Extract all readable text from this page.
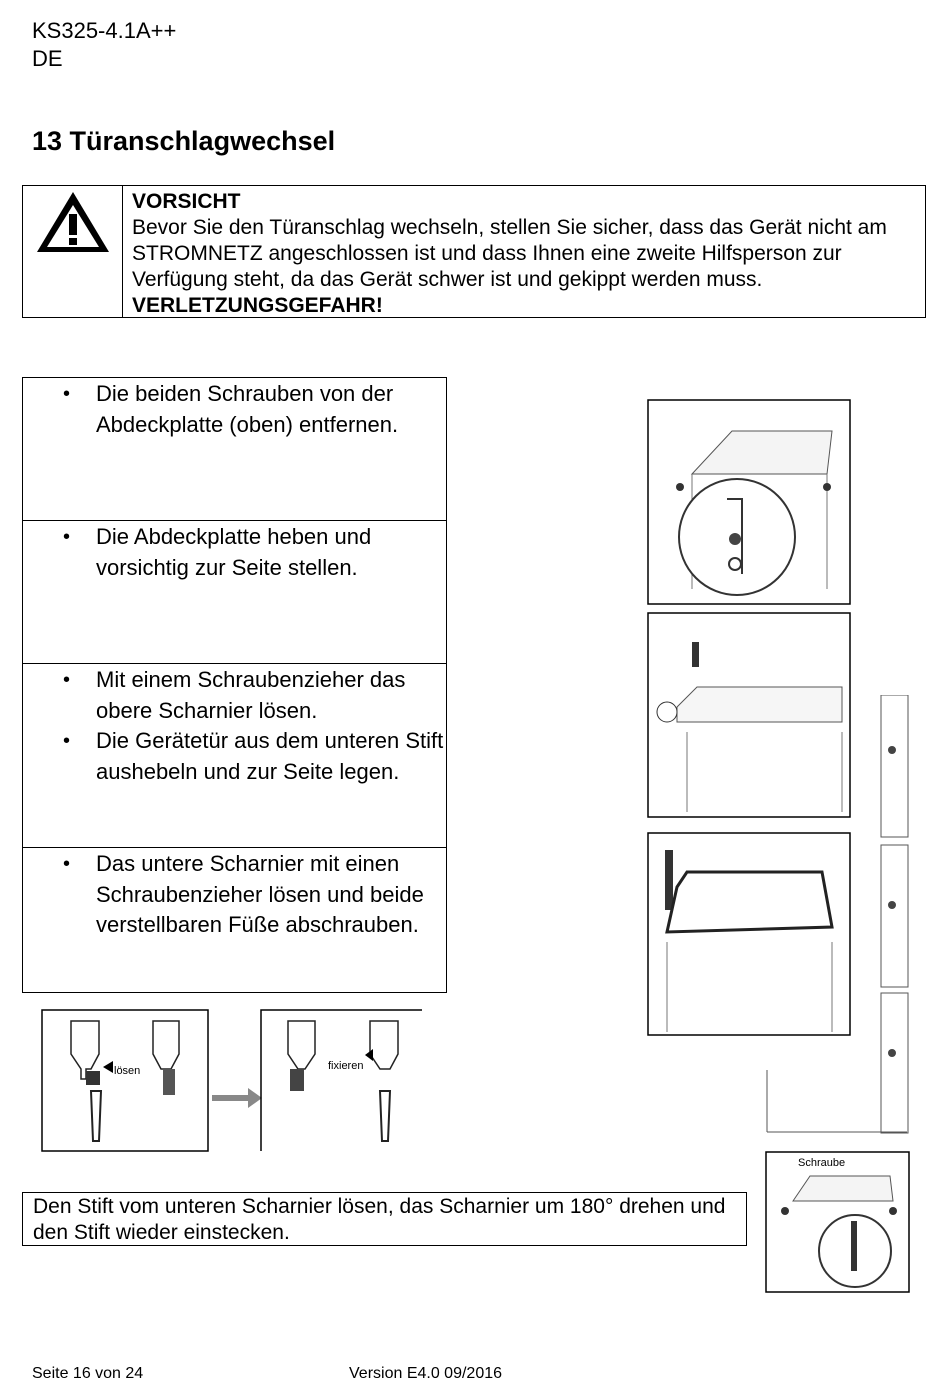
KS325-4.1A++
DE
13 Türanschlagwechsel
VORSICHT
Bevor Sie den Türanschlag wechseln, stellen Sie sicher, dass das Gerät nicht am STROMNETZ angeschlossen ist und dass Ihnen eine zweite Hilfsperson zur Verfügung steht, da das Gerät schwer ist und gekippt werden muss. VERLETZUNGSGEFAHR!
• Die beiden Schrauben von der Abdeckplatte (oben) entfernen.
• Die Abdeckplatte heben und vorsichtig zur Seite stellen.
• Mit einem Schraubenzieher das obere Scharnier lösen.
• Die Gerätetür aus dem unteren Stift aushebeln und zur Seite legen.
• Das untere Scharnier mit einen Schraubenzieher lösen und beide verstellbaren Füße abschrauben.
lösen	fixieren
Schraube
Den Stift vom unteren Scharnier lösen, das Scharnier um 180° drehen und den Stift wieder einstecken.
Seite 16 von 24	Version E4.0 09/2016
